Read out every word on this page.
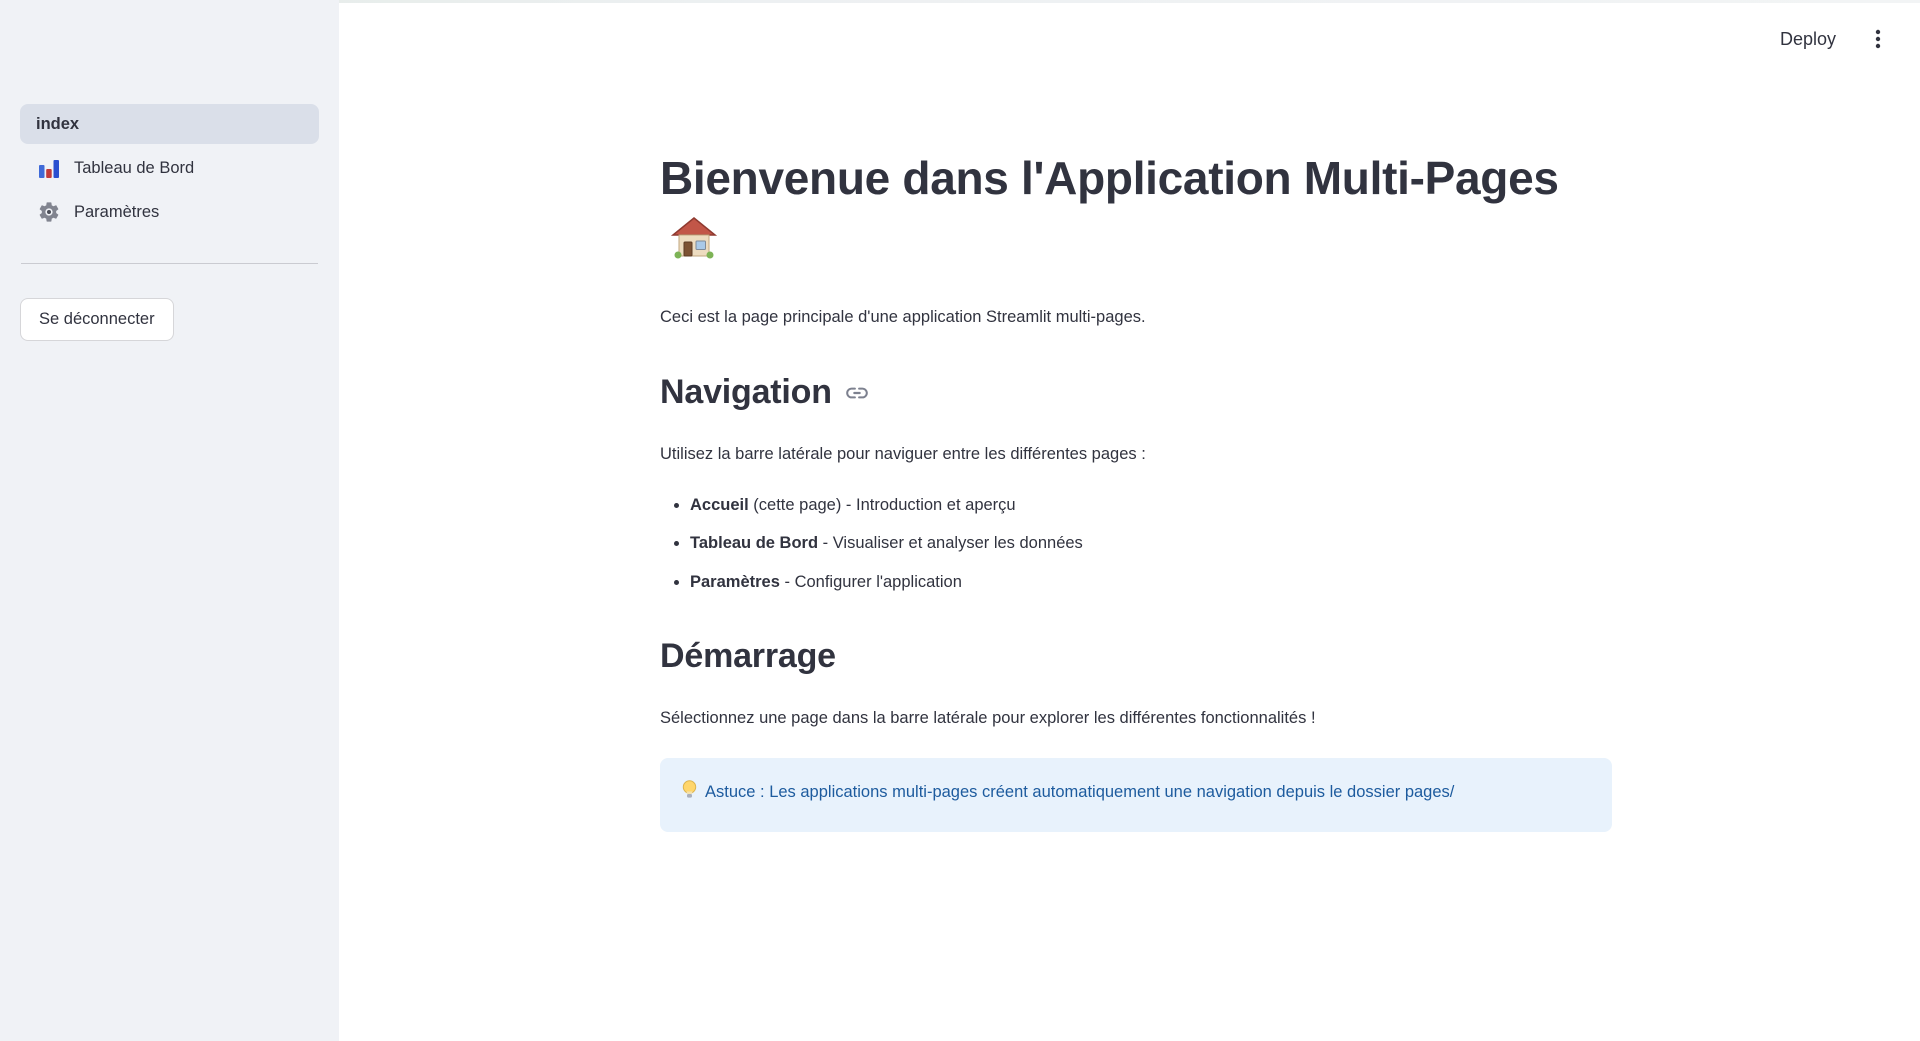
index
Tableau de Bord
Paramètres
Se déconnecter
Deploy
Bienvenue dans l'Application Multi-Pages

Ceci est la page principale d'une application Streamlit multi-pages.

Navigation

Utilisez la barre latérale pour naviguer entre les différentes pages :

• Accueil (cette page) - Introduction et aperçu
• Tableau de Bord - Visualiser et analyser les données
• Paramètres - Configurer l'application
Démarrage

Sélectionnez une page dans la barre latérale pour explorer les différentes fonctionnalités !

Astuce : Les applications multi-pages créent automatiquement une navigation depuis le dossier pages/
